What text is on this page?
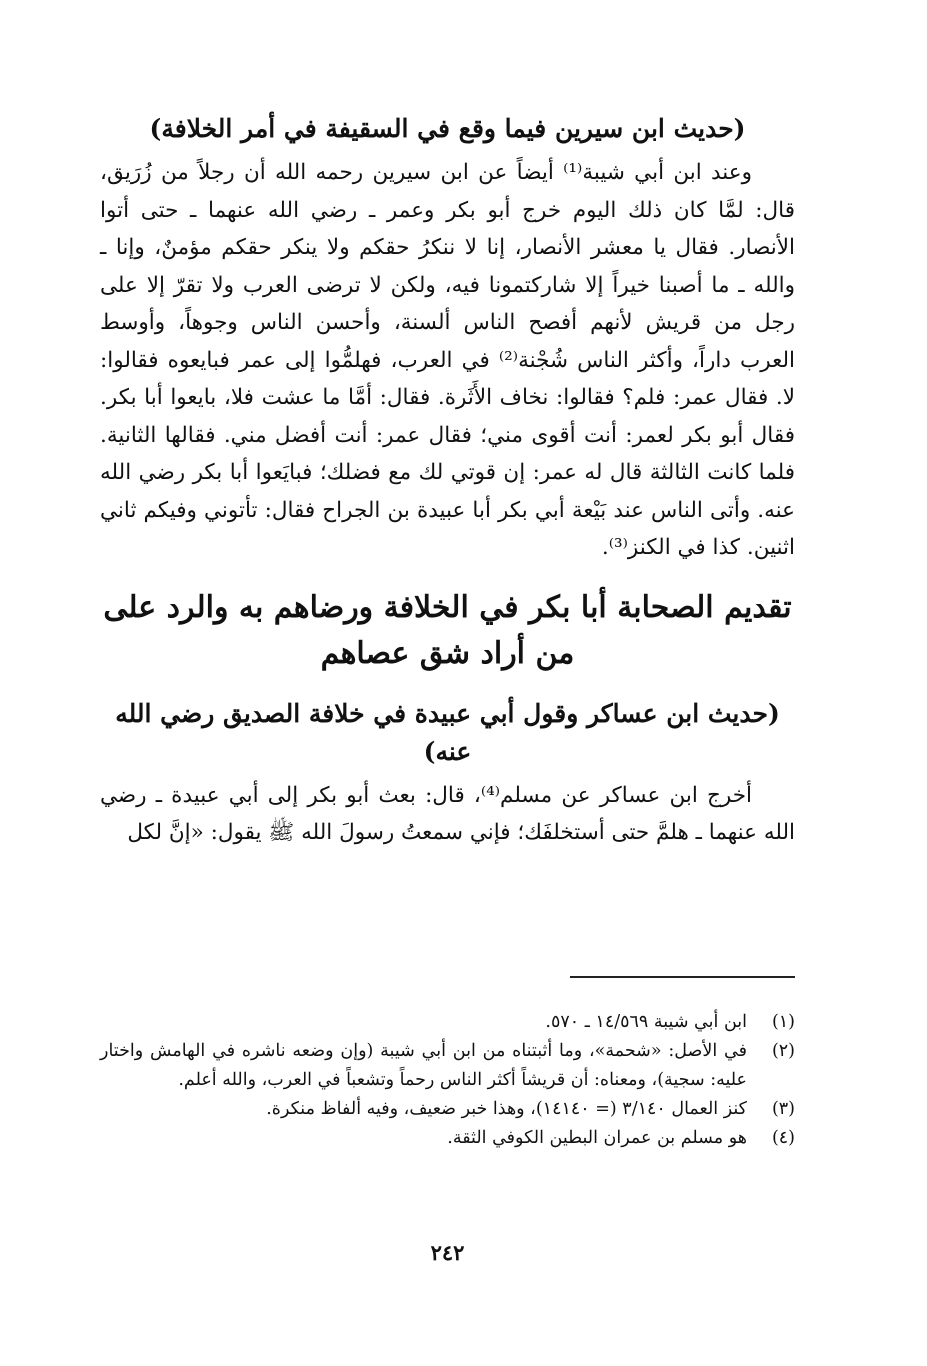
(حديث ابن سيرين فيما وقع في السقيفة في أمر الخلافة)

وعند ابن أبي شيبة⁽¹⁾ أيضاً عن ابن سيرين رحمه الله أن رجلاً من زُرَيق، قال: لمَّا كان ذلك اليوم خرج أبو بكر وعمر ـ رضي الله عنهما ـ حتى أتوا الأنصار. فقال يا معشر الأنصار، إنا لا ننكرُ حقكم ولا ينكر حقكم مؤمنٌ، وإنا ـ والله ـ ما أصبنا خيراً إلا شاركتمونا فيه، ولكن لا ترضى العرب ولا تقرّ إلا على رجل من قريش لأنهم أفصح الناس ألسنة، وأحسن الناس وجوهاً، وأوسط العرب داراً، وأكثر الناس شُجْنة⁽²⁾ في العرب، فهلمُّوا إلى عمر فبايعوه فقالوا: لا. فقال عمر: فلم؟ فقالوا: نخاف الأَثَرة. فقال: أمَّا ما عشت فلا، بايعوا أبا بكر. فقال أبو بكر لعمر: أنت أقوى مني؛ فقال عمر: أنت أفضل مني. فقالها الثانية. فلما كانت الثالثة قال له عمر: إن قوتي لك مع فضلك؛ فبايَعوا أبا بكر رضي الله عنه. وأتى الناس عند بَيْعة أبي بكر أبا عبيدة بن الجراح فقال: تأتوني وفيكم ثاني اثنين. كذا في الكنز⁽³⁾.

تقديم الصحابة أبا بكر في الخلافة ورضاهم به والرد على من أراد شق عصاهم
(حديث ابن عساكر وقول أبي عبيدة في خلافة الصديق رضي الله عنه)

أخرج ابن عساكر عن مسلم⁽⁴⁾، قال: بعث أبو بكر إلى أبي عبيدة ـ رضي الله عنهما ـ هلمَّ حتى أستخلفَك؛ فإني سمعتُ رسولَ الله ﷺ يقول: «إنَّ لكل

(١)
ابن أبي شيبة ١٤/٥٦٩ ـ ٥٧٠.
(٢)
في الأصل: «شحمة»، وما أثبتناه من ابن أبي شيبة (وإن وضعه ناشره في الهامش واختار عليه: سجية)، ومعناه: أن قريشاً أكثر الناس رحماً وتشعباً في العرب، والله أعلم.
(٣)
كنز العمال ٣/١٤٠ (= ١٤١٤٠)، وهذا خبر ضعيف، وفيه ألفاظ منكرة.
(٤)
هو مسلم بن عمران البطين الكوفي الثقة.
٢٤٢
